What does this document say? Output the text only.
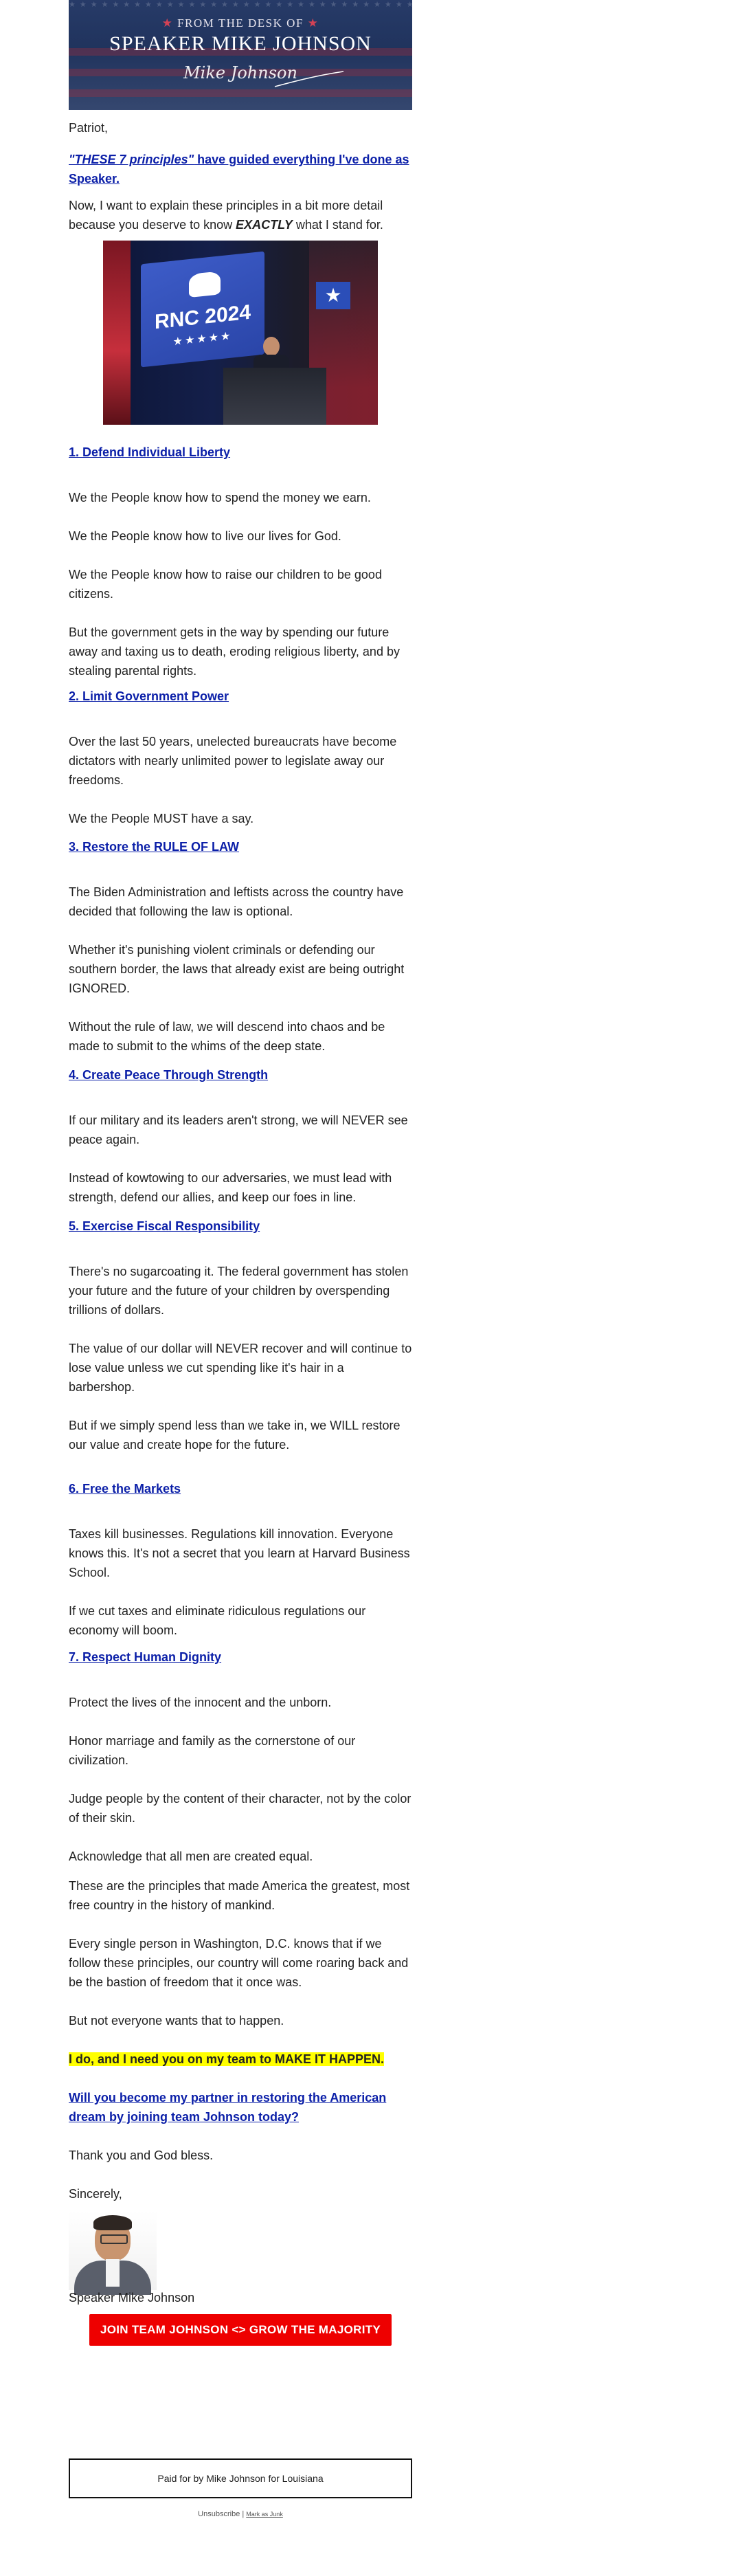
★★★★★★★★★★★★★★★★★★★★★★★★★★★★★★★★★★★★★★★★★★★★★★★★★★★★★★★★★★★★★★
★ FROM THE DESK OF ★
SPEAKER MIKE JOHNSON
Mike Johnson

Patriot,

"THESE 7 principles" have guided everything I've done as Speaker.

Now, I want to explain these principles in a bit more detail because you deserve to know EXACTLY what I stand for.

RNC 2024
★★★★★
★

1. Defend Individual Liberty

We the People know how to spend the money we earn.

We the People know how to live our lives for God.

We the People know how to raise our children to be good citizens.

But the government gets in the way by spending our future away and taxing us to death, eroding religious liberty, and by stealing parental rights.

2. Limit Government Power

Over the last 50 years, unelected bureaucrats have become dictators with nearly unlimited power to legislate away our freedoms.

We the People MUST have a say.

3. Restore the RULE OF LAW

The Biden Administration and leftists across the country have decided that following the law is optional.

Whether it's punishing violent criminals or defending our southern border, the laws that already exist are being outright IGNORED.

Without the rule of law, we will descend into chaos and be made to submit to the whims of the deep state.

4. Create Peace Through Strength

If our military and its leaders aren't strong, we will NEVER see peace again.

Instead of kowtowing to our adversaries, we must lead with strength, defend our allies, and keep our foes in line.

5. Exercise Fiscal Responsibility

There's no sugarcoating it. The federal government has stolen your future and the future of your children by overspending trillions of dollars.

The value of our dollar will NEVER recover and will continue to lose value unless we cut spending like it's hair in a barbershop.

But if we simply spend less than we take in, we WILL restore our value and create hope for the future.

6. Free the Markets

Taxes kill businesses. Regulations kill innovation. Everyone knows this. It's not a secret that you learn at Harvard Business School.

If we cut taxes and eliminate ridiculous regulations our economy will boom.

7. Respect Human Dignity

Protect the lives of the innocent and the unborn.

Honor marriage and family as the cornerstone of our civilization.

Judge people by the content of their character, not by the color of their skin.

Acknowledge that all men are created equal.

These are the principles that made America the greatest, most free country in the history of mankind.

Every single person in Washington, D.C. knows that if we follow these principles, our country will come roaring back and be the bastion of freedom that it once was.

But not everyone wants that to happen.

I do, and I need you on my team to MAKE IT HAPPEN.

Will you become my partner in restoring the American dream by joining team Johnson today?

Thank you and God bless.

Sincerely,

Speaker Mike Johnson

JOIN TEAM JOHNSON <> GROW THE MAJORITY
Paid for by Mike Johnson for Louisiana
Unsubscribe | Mark as Junk
